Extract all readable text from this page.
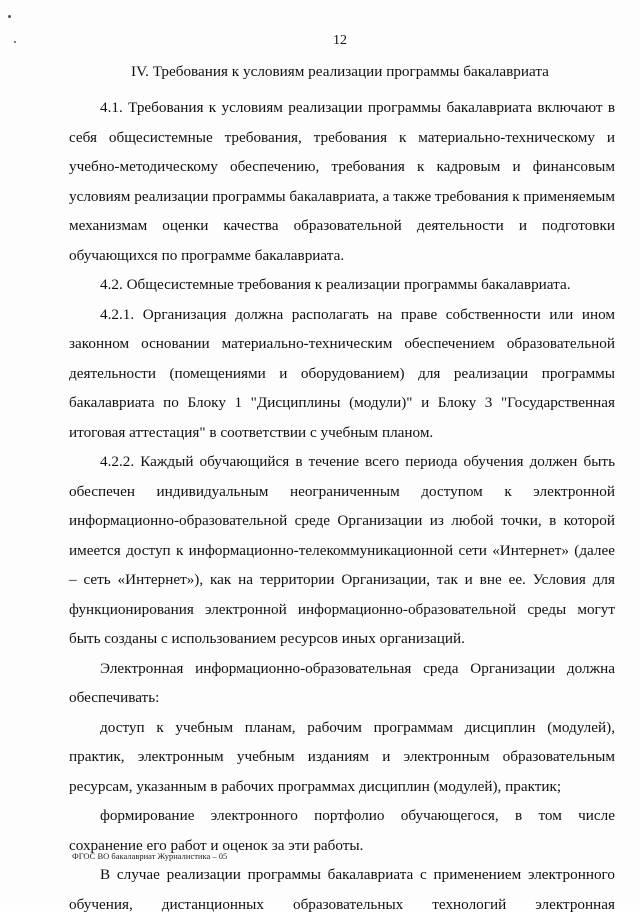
12
IV. Требования к условиям реализации программы бакалавриата

4.1. Требования к условиям реализации программы бакалавриата включают в себя общесистемные требования, требования к материально-техническому и учебно-методическому обеспечению, требования к кадровым и финансовым условиям реализации программы бакалавриата, а также требования к применяемым механизмам оценки качества образовательной деятельности и подготовки обучающихся по программе бакалавриата.

4.2. Общесистемные требования к реализации программы бакалавриата.

4.2.1. Организация должна располагать на праве собственности или ином законном основании материально-техническим обеспечением образовательной деятельности (помещениями и оборудованием) для реализации программы бакалавриата по Блоку 1 "Дисциплины (модули)" и Блоку 3 "Государственная итоговая аттестация" в соответствии с учебным планом.

4.2.2. Каждый обучающийся в течение всего периода обучения должен быть обеспечен индивидуальным неограниченным доступом к электронной информационно-образовательной среде Организации из любой точки, в которой имеется доступ к информационно-телекоммуникационной сети «Интернет» (далее – сеть «Интернет»), как на территории Организации, так и вне ее. Условия для функционирования электронной информационно-образовательной среды могут быть созданы с использованием ресурсов иных организаций.

Электронная информационно-образовательная среда Организации должна обеспечивать:

доступ к учебным планам, рабочим программам дисциплин (модулей), практик, электронным учебным изданиям и электронным образовательным ресурсам, указанным в рабочих программах дисциплин (модулей), практик;

формирование электронного портфолио обучающегося, в том числе сохранение его работ и оценок за эти работы.

В случае реализации программы бакалавриата с применением электронного обучения, дистанционных образовательных технологий электронная

ФГОС ВО бакалавриат Журналистика – 05
